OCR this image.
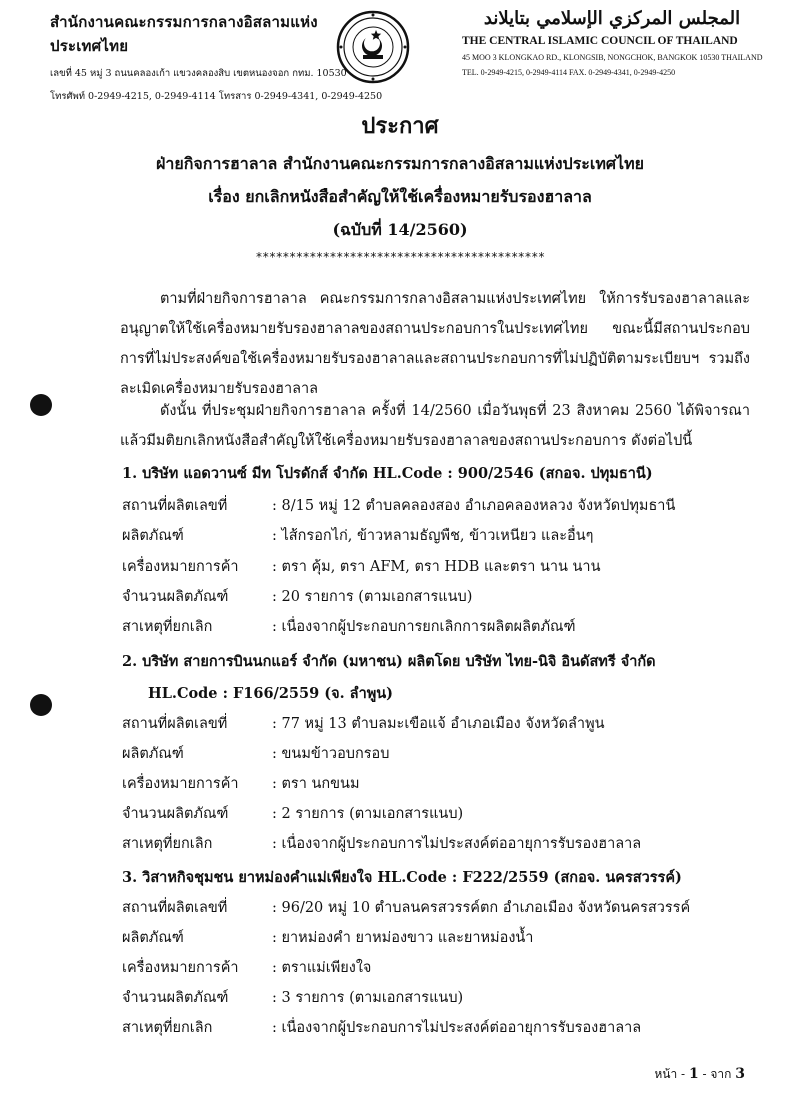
สำนักงานคณะกรรมการกลางอิสลามแห่งประเทศไทย
เลขที่ 45 หมู่ 3 ถนนคลองเก้า แขวงคลองสิบ เขตหนองจอก กทม. 10530
โทรศัพท์ 0-2949-4215, 0-2949-4114 โทรสาร 0-2949-4341, 0-2949-4250
المجلس المركزي الإسلامي بتايلاند
THE CENTRAL ISLAMIC COUNCIL OF THAILAND
45 MOO 3 KLONGKAO RD., KLONGSIB, NONGCHOK, BANGKOK 10530 THAILAND
TEL. 0-2949-4215, 0-2949-4114 FAX. 0-2949-4341, 0-2949-4250
ประกาศ
ฝ่ายกิจการฮาลาล สำนักงานคณะกรรมการกลางอิสลามแห่งประเทศไทย
เรื่อง ยกเลิกหนังสือสำคัญให้ใช้เครื่องหมายรับรองฮาลาล
(ฉบับที่ 14/2560)
*******************************************
ตามที่ฝ่ายกิจการฮาลาล คณะกรรมการกลางอิสลามแห่งประเทศไทย ให้การรับรองฮาลาลและอนุญาตให้ใช้เครื่องหมายรับรองฮาลาลของสถานประกอบการในประเทศไทย ขณะนี้มีสถานประกอบการที่ไม่ประสงค์ขอใช้เครื่องหมายรับรองฮาลาลและสถานประกอบการที่ไม่ปฏิบัติตามระเบียบฯ รวมถึงละเมิดเครื่องหมายรับรองฮาลาล
ดังนั้น ที่ประชุมฝ่ายกิจการฮาลาล ครั้งที่ 14/2560 เมื่อวันพุธที่ 23 สิงหาคม 2560 ได้พิจารณาแล้วมีมติยกเลิกหนังสือสำคัญให้ใช้เครื่องหมายรับรองฮาลาลของสถานประกอบการ ดังต่อไปนี้
1. บริษัท แอดวานซ์ มีท โปรดักส์ จำกัด HL.Code : 900/2546 (สกอจ. ปทุมธานี)
สถานที่ผลิตเลขที่	: 8/15 หมู่ 12 ตำบลคลองสอง อำเภอคลองหลวง จังหวัดปทุมธานี
ผลิตภัณฑ์	: ไส้กรอกไก่, ข้าวหลามธัญพืช, ข้าวเหนียว และอื่นๆ
เครื่องหมายการค้า : ตรา คุ้ม, ตรา AFM, ตรา HDB และตรา นาน นาน
จำนวนผลิตภัณฑ์	: 20 รายการ (ตามเอกสารแนบ)
สาเหตุที่ยกเลิก	: เนื่องจากผู้ประกอบการยกเลิกการผลิตผลิตภัณฑ์
2. บริษัท สายการบินนกแอร์ จำกัด (มหาชน) ผลิตโดย บริษัท ไทย-นิจิ อินดัสทรี จำกัด
HL.Code : F166/2559 (จ. ลำพูน)
สถานที่ผลิตเลขที่	: 77 หมู่ 13 ตำบลมะเขือแจ้ อำเภอเมือง จังหวัดลำพูน
ผลิตภัณฑ์	: ขนมข้าวอบกรอบ
เครื่องหมายการค้า : ตรา นกขนม
จำนวนผลิตภัณฑ์	: 2 รายการ (ตามเอกสารแนบ)
สาเหตุที่ยกเลิก	: เนื่องจากผู้ประกอบการไม่ประสงค์ต่ออายุการรับรองฮาลาล
3. วิสาหกิจชุมชน ยาหม่องคำแม่เพียงใจ HL.Code : F222/2559 (สกอจ. นครสวรรค์)
สถานที่ผลิตเลขที่	: 96/20 หมู่ 10 ตำบลนครสวรรค์ตก อำเภอเมือง จังหวัดนครสวรรค์
ผลิตภัณฑ์	: ยาหม่องคำ ยาหม่องขาว และยาหม่องน้ำ
เครื่องหมายการค้า : ตราแม่เพียงใจ
จำนวนผลิตภัณฑ์	: 3 รายการ (ตามเอกสารแนบ)
สาเหตุที่ยกเลิก	: เนื่องจากผู้ประกอบการไม่ประสงค์ต่ออายุการรับรองฮาลาล
หน้า - 1 - จาก 3
